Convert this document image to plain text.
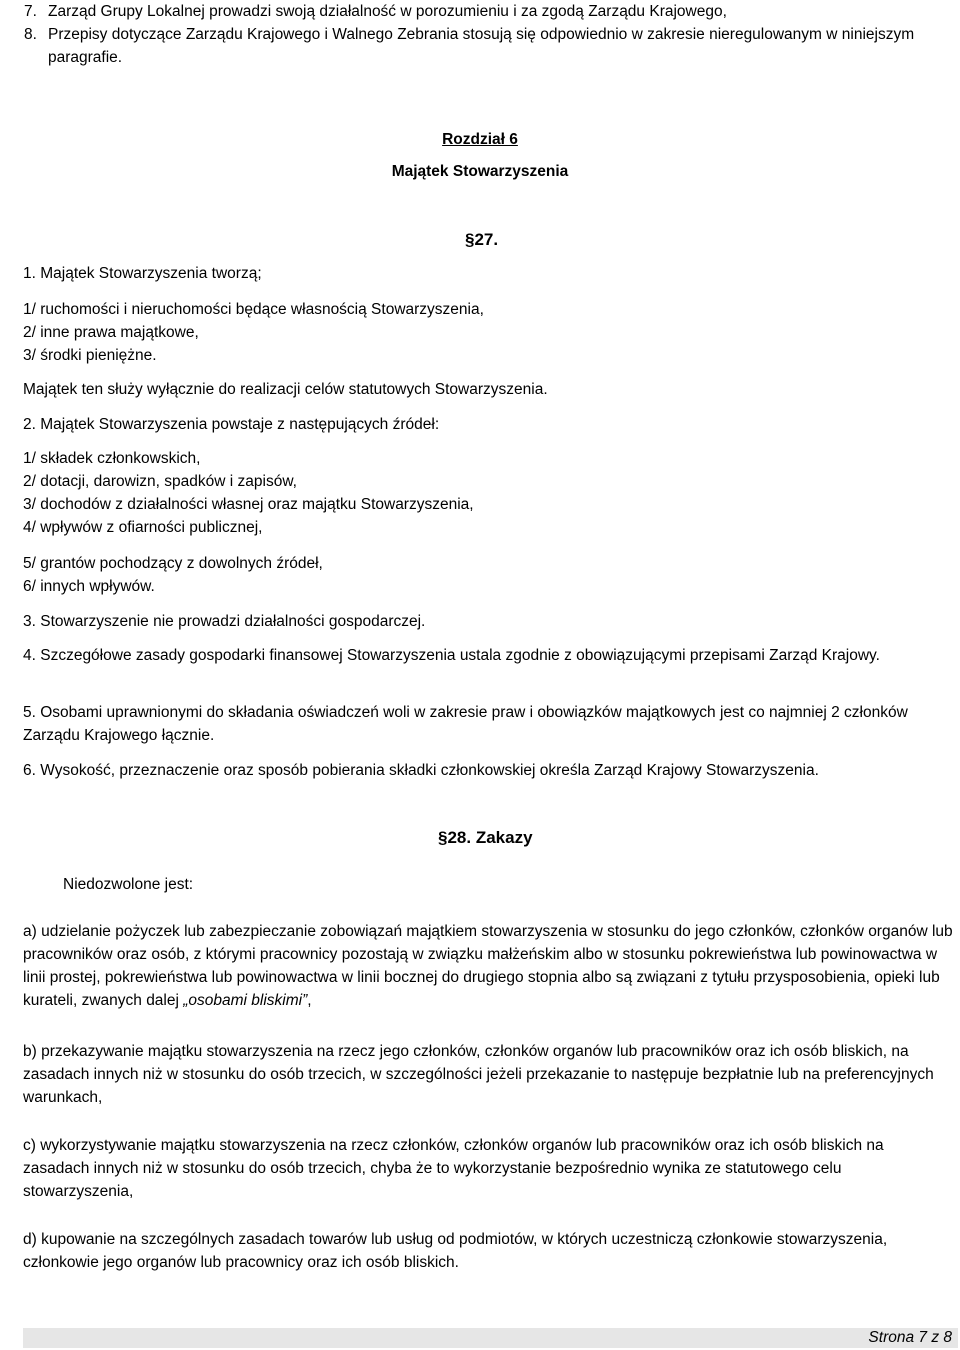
7. Zarząd Grupy Lokalnej prowadzi swoją działalność w porozumieniu i za zgodą Zarządu Krajowego,
8. Przepisy dotyczące Zarządu Krajowego i Walnego Zebrania stosują się odpowiednio w zakresie nieregulowanym w niniejszym paragrafie.
Rozdział 6
Majątek Stowarzyszenia
§27.
1. Majątek Stowarzyszenia tworzą;

1/ ruchomości i nieruchomości będące własnością Stowarzyszenia,

2/ inne prawa majątkowe,

3/ środki pieniężne.

Majątek ten służy wyłącznie do realizacji celów statutowych Stowarzyszenia.
2. Majątek Stowarzyszenia powstaje z następujących źródeł:

1/ składek członkowskich,

2/ dotacji, darowizn, spadków i zapisów,

3/ dochodów z działalności własnej oraz majątku Stowarzyszenia,

4/ wpływów z ofiarności publicznej,

5/ grantów pochodzący z dowolnych źródeł,

6/ innych wpływów.

3. Stowarzyszenie nie prowadzi działalności gospodarczej.
4. Szczegółowe zasady gospodarki finansowej Stowarzyszenia ustala zgodnie z obowiązującymi przepisami Zarząd Krajowy.
5. Osobami uprawnionymi do składania oświadczeń woli w zakresie praw i obowiązków majątkowych jest co najmniej 2 członków Zarządu Krajowego łącznie.
6. Wysokość, przeznaczenie oraz sposób pobierania składki członkowskiej określa Zarząd Krajowy Stowarzyszenia.
§28. Zakazy
Niedozwolone jest:
a) udzielanie pożyczek lub zabezpieczanie zobowiązań majątkiem stowarzyszenia w stosunku do jego członków, członków organów lub pracowników oraz osób, z którymi pracownicy pozostają w związku małżeńskim albo w stosunku pokrewieństwa lub powinowactwa w linii prostej, pokrewieństwa lub powinowactwa w linii bocznej do drugiego stopnia albo są związani z tytułu przysposobienia, opieki lub kurateli, zwanych dalej „osobami bliskimi”,
b) przekazywanie majątku stowarzyszenia na rzecz jego członków, członków organów lub pracowników oraz ich osób bliskich, na zasadach innych niż w stosunku do osób trzecich, w szczególności jeżeli przekazanie to następuje bezpłatnie lub na preferencyjnych warunkach,
c) wykorzystywanie majątku stowarzyszenia na rzecz członków, członków organów lub pracowników oraz ich osób bliskich na zasadach innych niż w stosunku do osób trzecich, chyba że to wykorzystanie bezpośrednio wynika ze statutowego celu stowarzyszenia,
d) kupowanie na szczególnych zasadach towarów lub usług od podmiotów, w których uczestniczą członkowie stowarzyszenia, członkowie jego organów lub pracownicy oraz ich osób bliskich.
Strona 7 z 8
